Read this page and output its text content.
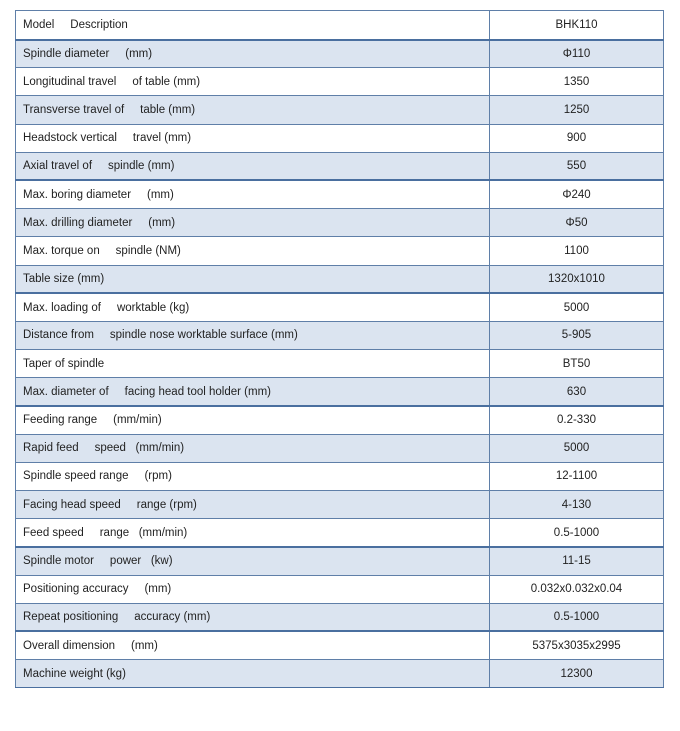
Model     Description	BHK110
Spindle diameter     (mm)	Φ110
Longitudinal travel     of table (mm)	1350
Transverse travel of     table (mm)	1250
Headstock vertical     travel (mm)	900
Axial travel of     spindle (mm)	550
Max. boring diameter     (mm)	Φ240
Max. drilling diameter     (mm)	Φ50
Max. torque on     spindle (NM)	1100
Table size (mm)	1320x1010
Max. loading of     worktable (kg)	5000
Distance from     spindle nose worktable surface (mm)	5-905
Taper of spindle	BT50
Max. diameter of     facing head tool holder (mm)	630
Feeding range     (mm/min)	0.2-330
Rapid feed     speed   (mm/min)	5000
Spindle speed range     (rpm)	12-1100
Facing head speed     range (rpm)	4-130
Feed speed     range   (mm/min)	0.5-1000
Spindle motor     power   (kw)	11-15
Positioning accuracy     (mm)	0.032x0.032x0.04
Repeat positioning     accuracy (mm)	0.5-1000
Overall dimension     (mm)	5375x3035x2995
Machine weight (kg)	12300
